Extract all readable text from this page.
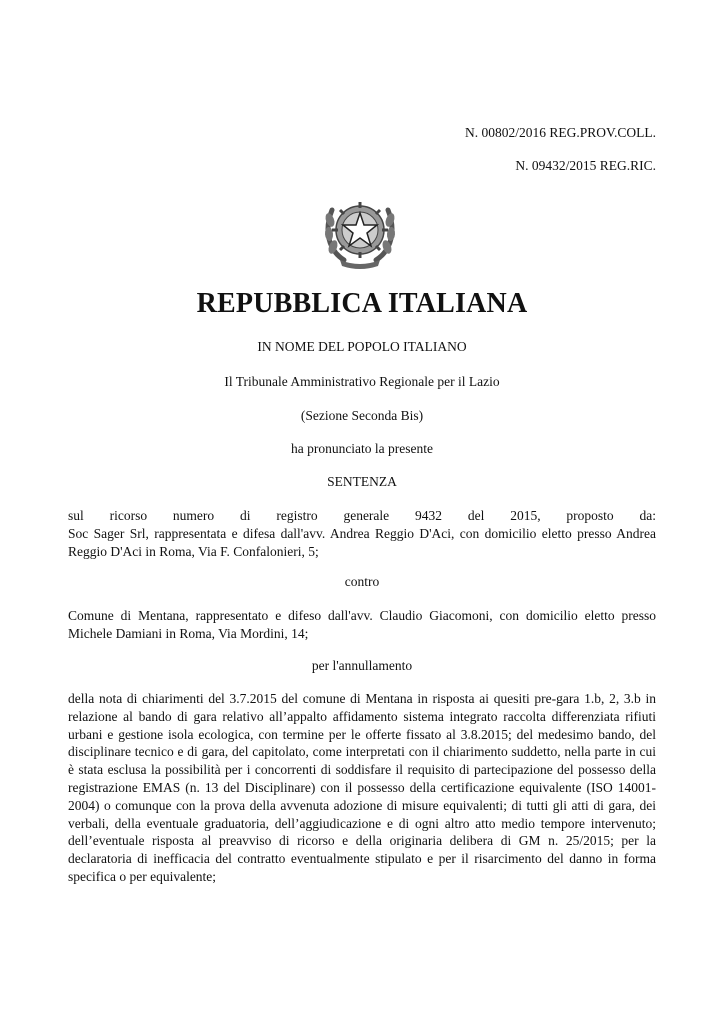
N. 00802/2016 REG.PROV.COLL.
N. 09432/2015 REG.RIC.
REPUBBLICA ITALIANA
IN NOME DEL POPOLO ITALIANO
Il Tribunale Amministrativo Regionale per il Lazio
(Sezione Seconda Bis)
ha pronunciato la presente
SENTENZA
sul ricorso numero di registro generale 9432 del 2015, proposto da:
Soc Sager Srl, rappresentata e difesa dall'avv. Andrea Reggio D'Aci, con domicilio eletto presso Andrea Reggio D'Aci in Roma, Via F. Confalonieri, 5;
contro
Comune di Mentana, rappresentato e difeso dall'avv. Claudio Giacomoni, con domicilio eletto presso Michele Damiani in Roma, Via Mordini, 14;
per l'annullamento
della nota di chiarimenti del 3.7.2015 del comune di Mentana in risposta ai quesiti pre-gara 1.b, 2, 3.b in relazione al bando di gara relativo all’appalto affidamento sistema integrato raccolta differenziata rifiuti urbani e gestione isola ecologica, con termine per le offerte fissato al 3.8.2015; del medesimo bando, del disciplinare tecnico e di gara, del capitolato, come interpretati con il chiarimento suddetto, nella parte in cui è stata esclusa la possibilità per i concorrenti di soddisfare il requisito di partecipazione del possesso della registrazione EMAS (n. 13 del Disciplinare) con il possesso della certificazione equivalente (ISO 14001-2004) o comunque con la prova della avvenuta adozione di misure equivalenti; di tutti gli atti di gara, dei verbali, della eventuale graduatoria, dell’aggiudicazione e di ogni altro atto medio tempore intervenuto; dell’eventuale risposta al preavviso di ricorso e della originaria delibera di GM n. 25/2015; per la declaratoria di inefficacia del contratto eventualmente stipulato e per il risarcimento del danno in forma specifica o per equivalente;
